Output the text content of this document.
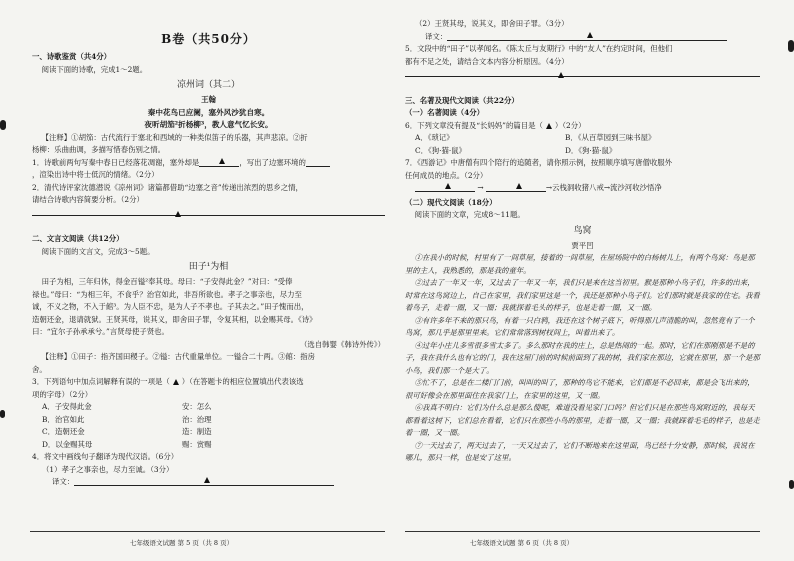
B卷（共50分）
一、诗歌鉴赏（共4分）
阅读下面的诗歌，完成1～2题。
凉州词（其二）
王翰
秦中花鸟已应阑，塞外风沙犹自寒。
夜听胡笳²折杨柳³，教人意气忆长安。
【注释】①胡笳：古代流行于塞北和西域的一种类似笛子的乐器，其声悲凉。②折
杨柳：乐曲曲调，多描写惜春伤别之情。
1．诗歌前两句写秦中春日已经落花凋谢，塞外却是	，写出了边塞环境的
，渲染出诗中将士低沉的情绪。（2分）
2．清代诗评家沈德潜说《凉州词》诸篇都借助“边塞之音”传递出浓烈的思乡之情，
请结合诗歌内容简要分析。（2分）
二、文言文阅读（共12分）
阅读下面的文言文，完成3～5题。
田子¹为相
田子为相，三年归休，得金百镒²奉其母。母曰：“子安得此金？”对曰：“受俸
禄也。”母曰：“为相三年，不食乎？治官如此，非吾所欲也。孝子之事亲也，尽力至
诚，不义之物，不入于館³。为人臣不忠，是为人子不孝也。子其去之。”田子愧而出，
造朝还金，退请就狱。王贤其母，说其义，即舍田子罪，令复其相，以金赐其母。《诗》
曰：“宜尔子孙承承兮。”言贤母使子贤也。
（选自韩婴《韩诗外传》）
【注释】①田子：指齐国田稷子。②镒：古代重量单位。一镒合二十两。③館：指房
舍。
3．下列语句中加点词解释有误的一项是（ ）（在答题卡的相应位置填出代表该选
项的字母）（2分）
A．子安得此金	安：怎么
B．治官如此	治：治理
C．造朝还金	造：制造
D．以金赐其母	赐：赏赐
4．将文中画线句子翻译为现代汉语。（6分）
（1）孝子之事亲也，尽力至诚。（3分）
译文：
（2）王贤其母，说其义，即舍田子罪。（3分）
译文：
5．文段中的“田子”以孝闻名。《陈太丘与友期行》中的“友人”在约定时间，但他们
都有不足之处，请结合文本内容分析原因。（4分）
三、名著及现代文阅读（共22分）
（一）名著阅读（4分）
6．下列文章没有提及“长妈妈”的篇目是（ ）（2分）
A．《琐记》	B．《从百草园到三味书屋》
C．《狗·猫·鼠》	D．《狗·猫·鼠》
7．《西游记》中唐僧有四个陪行的追随者，请你照示例，按照顺序填写唐僧收服外
任何成员的地点。（2分）
→	→云栈洞收猪八戒→流沙河收沙悟净
（二）现代文阅读（18分）
阅读下面的文章，完成8～11题。
鸟窝
贾平凹
①在我小的时候，村里有了一间草屋，接着的一间草屋，在屋场院中的白杨树儿上，有两个鸟窝：鸟是那里的主人，我熟悉的，那是我的童年。
②过去了一年又一年，又过去了一年又一年，我们只是来在这当初里。猴是那种小鸟子们，许多的出来，时常在这鸟窝边上，自己在家里，我们家里这是一个，我还是那种小鸟子们。它们那时就是我家的住宅。我看着鸟子，走着一圈，又一圈；我就探着毛头的样子，也是走着一圈，又一圈。
③有许多年不来的那只鸟，有着一只白鸦，我还在这个树子底下，听得那几声清脆的叫，忽然竟有了一个鸟窝，那几乎是那里里来。它们常常落到树杈间上，叫着出来了。
④过年小庄儿多雪很多雪太多了。多么那时在我的庄上，总是热闹的一起。那时，它们在那刚那是不是的子，我在我什么也有它的门，我在这屋门前的时候前面到了我的树，我们家在那边，它就在那里，那一个是那小鸟，我们那一个是大了。
⑤忙不了，总是在二楼门门前，叫叫的叫了，那种的鸟它不能来，它们都是不必回来，都是会飞出来的，很可好像会在那里面住在我家门上，在家里的这里，又一圈。
⑥我真不明白：它们为什么总是那么傻呢，难道没看见家门口吗？但它们只是在那些鸟窝附近的，我每天都看着这树下，它们总在看着，它们只在那些小鸟的那里，走着一圈，又一圈；我就踩着毛毛的样子，也是走着一圈，又一圈。
⑦一天过去了，两天过去了，一天又过去了，它们不断地来在这里面，鸟已经十分安静，那时候，我说在哪儿，那只一样，也是安了这里。
七年级语文试题 第 5 页（共 8 页）	七年级语文试题 第 6 页（共 8 页）
